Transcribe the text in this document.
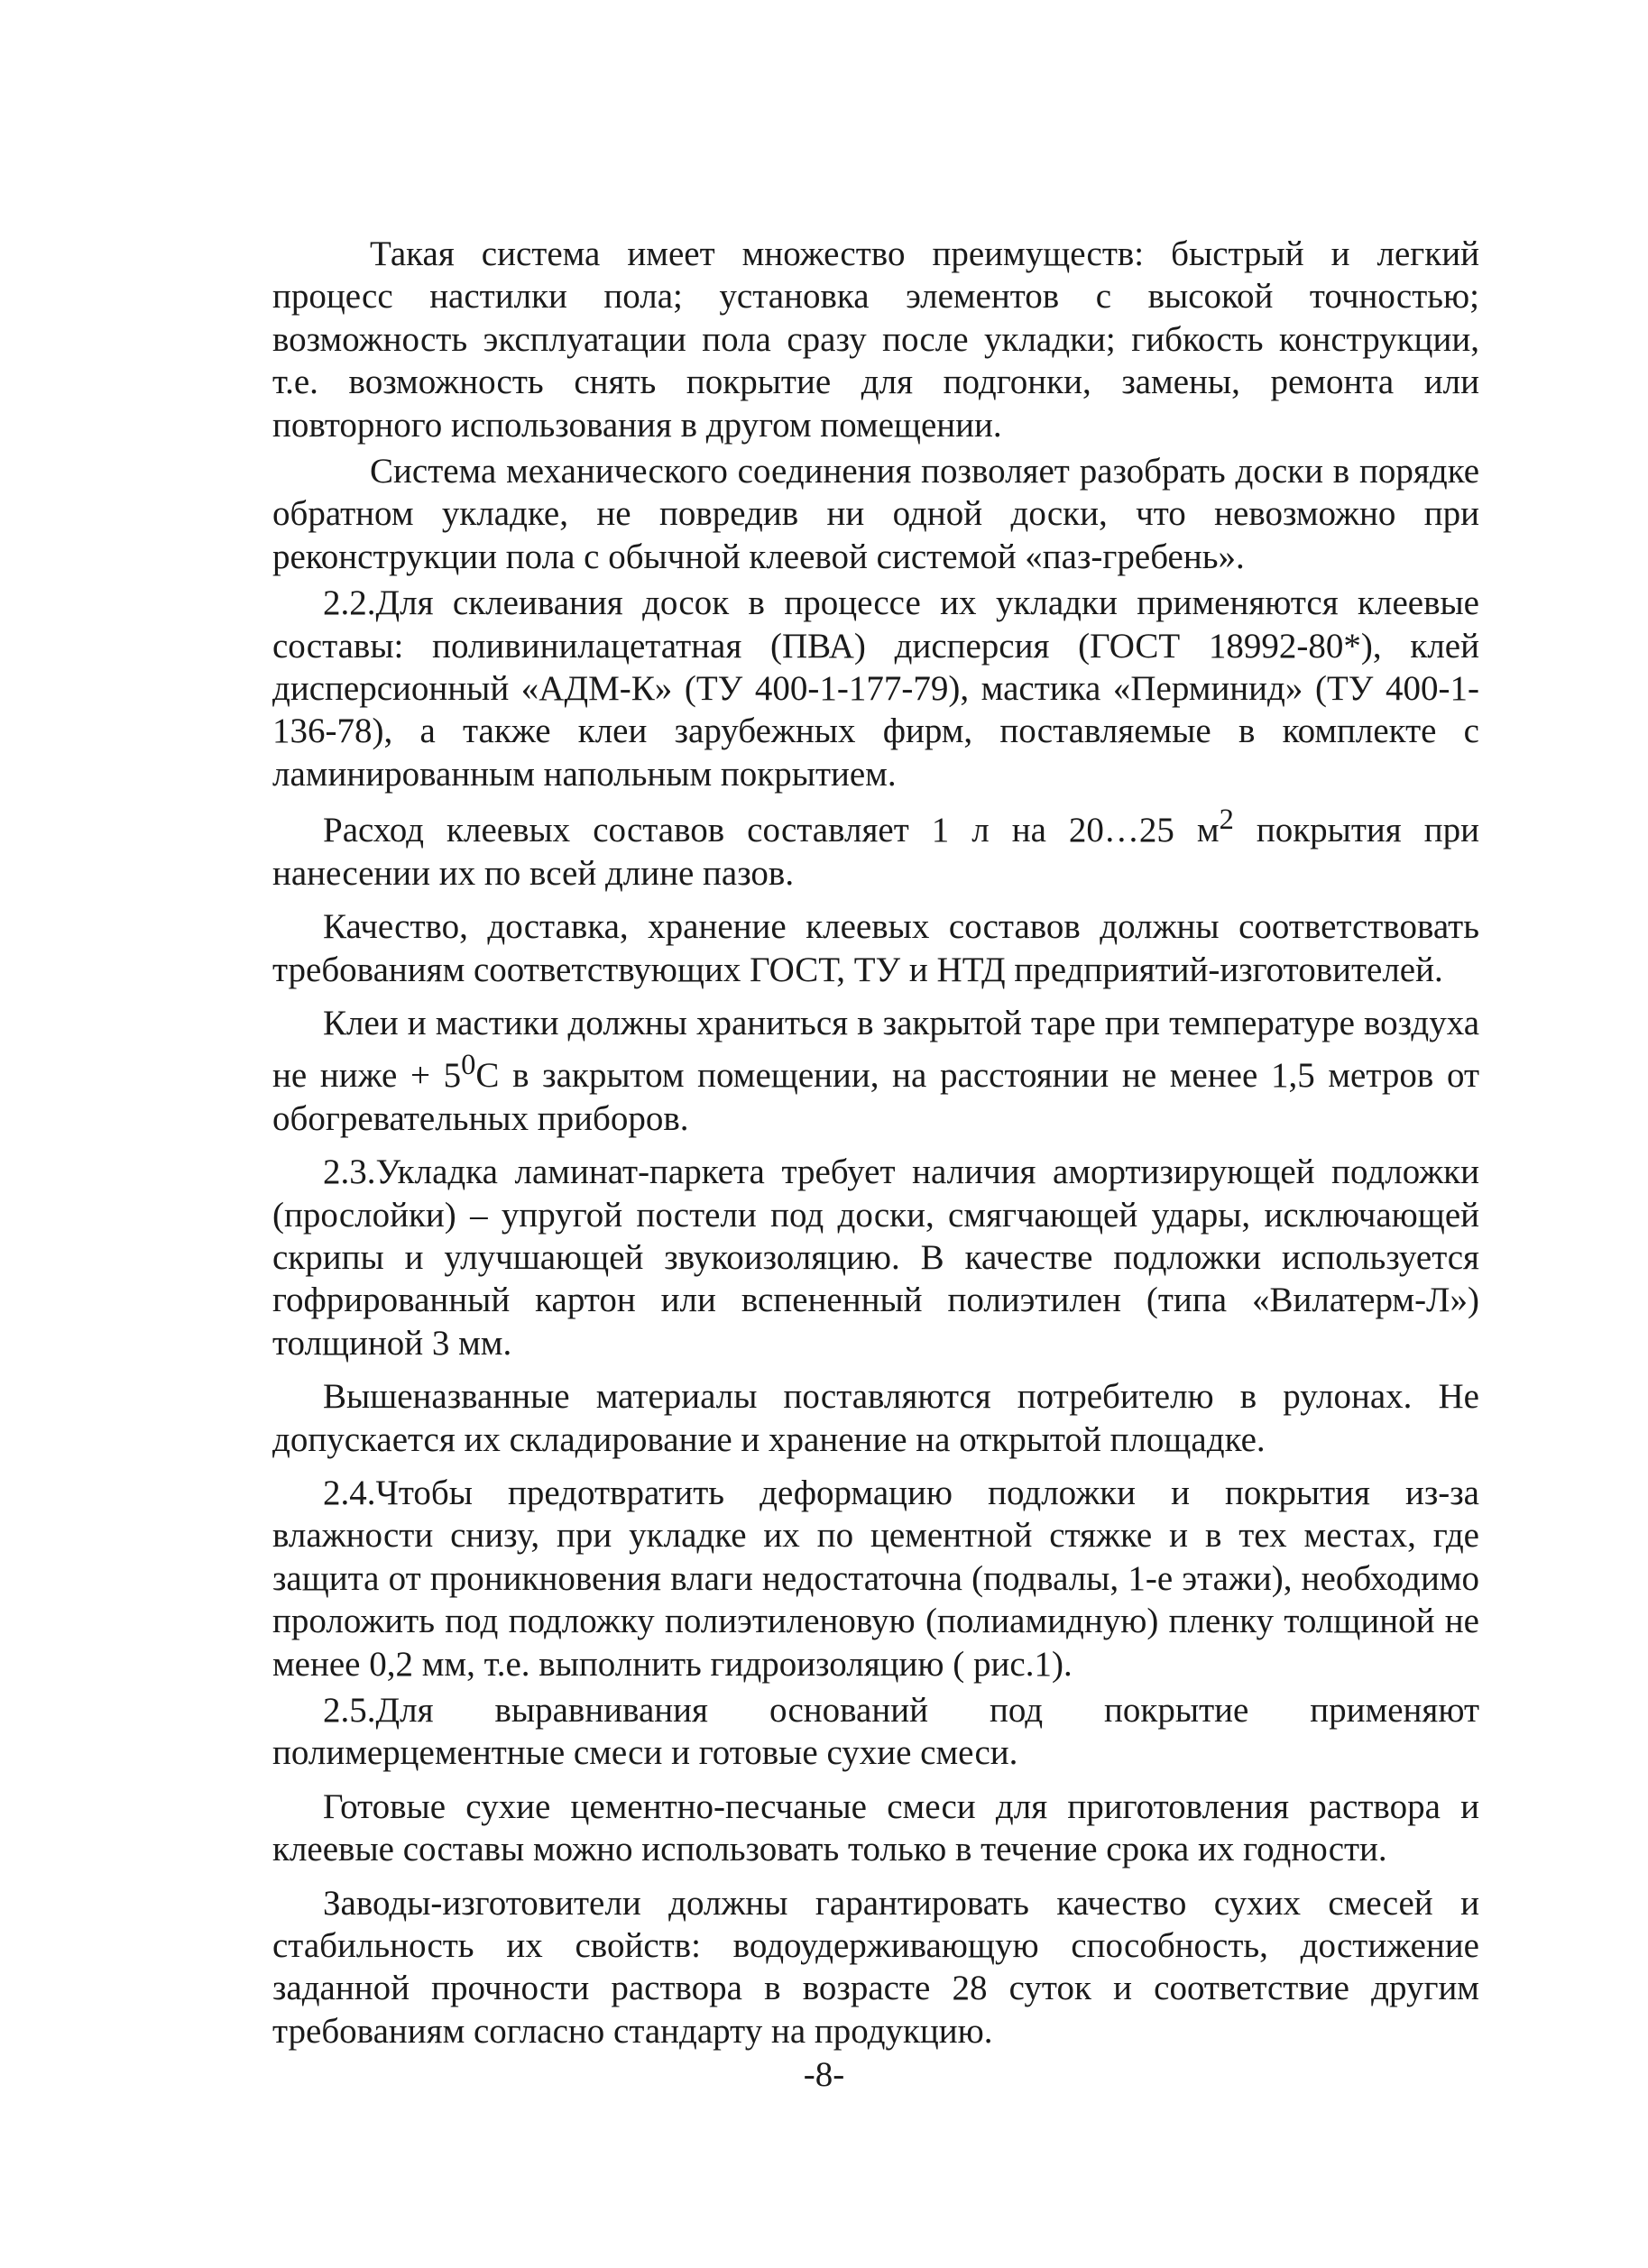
Такая система имеет множество преимуществ: быстрый и легкий процесс настилки пола; установка элементов с высокой точностью; возможность эксплуатации пола сразу после укладки; гибкость конструкции, т.е. возможность снять покрытие для подгонки, замены, ремонта или повторного использования в другом помещении.

Система механического соединения позволяет разобрать доски в порядке обратном укладке, не повредив ни одной доски, что невозможно при реконструкции пола с обычной клеевой системой «паз-гребень».

2.2.Для склеивания досок в процессе их укладки применяются клеевые составы: поливинилацетатная (ПВА) дисперсия (ГОСТ 18992-80*), клей дисперсионный «АДМ-К» (ТУ 400-1-177-79), мастика «Перминид» (ТУ 400-1-136-78), а также клеи зарубежных фирм, поставляемые в комплекте с ламинированным напольным покрытием.

Расход клеевых составов составляет 1 л на 20…25 $м^2$ покрытия при нанесении их по всей длине пазов.

Качество, доставка, хранение клеевых составов должны соответствовать требованиям соответствующих ГОСТ, ТУ и НТД предприятий-изготовителей.

Клеи и мастики должны храниться в закрытой таре при температуре воздуха не ниже + $5^0С$ в закрытом помещении, на расстоянии не менее 1,5 метров от обогревательных приборов.

2.3.Укладка ламинат-паркета требует наличия амортизирующей подложки (прослойки) – упругой постели под доски, смягчающей удары, исключающей скрипы и улучшающей звукоизоляцию. В качестве подложки используется гофрированный картон или вспененный полиэтилен (типа «Вилатерм-Л») толщиной 3 мм.

Вышеназванные материалы поставляются потребителю в рулонах. Не допускается их складирование и хранение на открытой площадке.

2.4.Чтобы предотвратить деформацию подложки и покрытия из-за влажности снизу, при укладке их по цементной стяжке и в тех местах, где защита от проникновения влаги недостаточна (подвалы, 1-е этажи), необходимо проложить под подложку полиэтиленовую (полиамидную) пленку толщиной не менее 0,2 мм, т.е. выполнить гидроизоляцию ( рис.1).

2.5.Для выравнивания оснований под покрытие применяют полимерцементные смеси и готовые сухие смеси.

Готовые сухие цементно-песчаные смеси для приготовления раствора и клеевые составы можно использовать только в течение срока их годности.

Заводы-изготовители должны гарантировать качество сухих смесей и стабильность их свойств: водоудерживающую способность, достижение заданной прочности раствора в возрасте 28 суток и соответствие другим требованиям согласно стандарту на продукцию.

-8-
